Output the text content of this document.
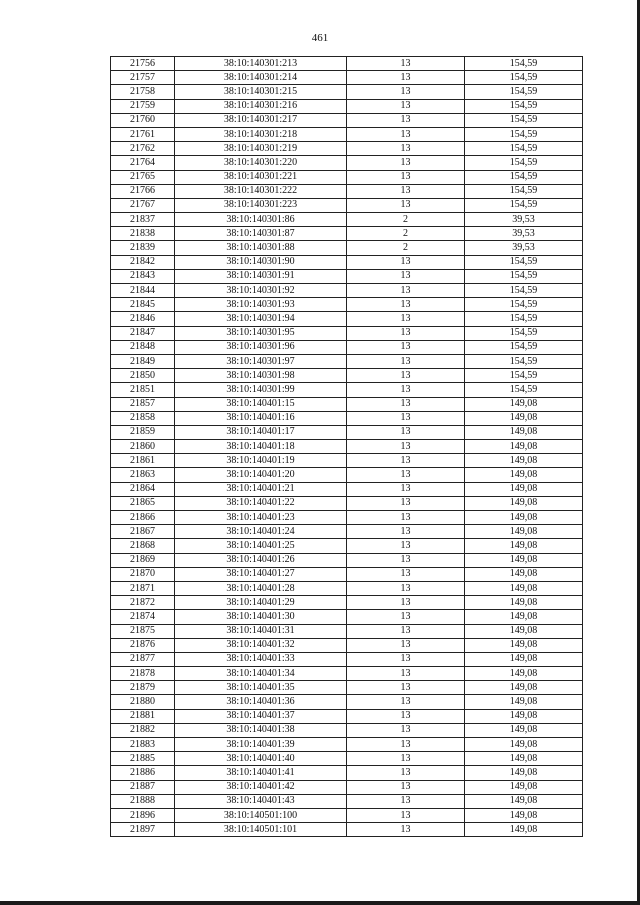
461
21756	38:10:140301:213	13	154,59
21757	38:10:140301:214	13	154,59
21758	38:10:140301:215	13	154,59
21759	38:10:140301:216	13	154,59
21760	38:10:140301:217	13	154,59
21761	38:10:140301:218	13	154,59
21762	38:10:140301:219	13	154,59
21764	38:10:140301:220	13	154,59
21765	38:10:140301:221	13	154,59
21766	38:10:140301:222	13	154,59
21767	38:10:140301:223	13	154,59
21837	38:10:140301:86	2	39,53
21838	38:10:140301:87	2	39,53
21839	38:10:140301:88	2	39,53
21842	38:10:140301:90	13	154,59
21843	38:10:140301:91	13	154,59
21844	38:10:140301:92	13	154,59
21845	38:10:140301:93	13	154,59
21846	38:10:140301:94	13	154,59
21847	38:10:140301:95	13	154,59
21848	38:10:140301:96	13	154,59
21849	38:10:140301:97	13	154,59
21850	38:10:140301:98	13	154,59
21851	38:10:140301:99	13	154,59
21857	38:10:140401:15	13	149,08
21858	38:10:140401:16	13	149,08
21859	38:10:140401:17	13	149,08
21860	38:10:140401:18	13	149,08
21861	38:10:140401:19	13	149,08
21863	38:10:140401:20	13	149,08
21864	38:10:140401:21	13	149,08
21865	38:10:140401:22	13	149,08
21866	38:10:140401:23	13	149,08
21867	38:10:140401:24	13	149,08
21868	38:10:140401:25	13	149,08
21869	38:10:140401:26	13	149,08
21870	38:10:140401:27	13	149,08
21871	38:10:140401:28	13	149,08
21872	38:10:140401:29	13	149,08
21874	38:10:140401:30	13	149,08
21875	38:10:140401:31	13	149,08
21876	38:10:140401:32	13	149,08
21877	38:10:140401:33	13	149,08
21878	38:10:140401:34	13	149,08
21879	38:10:140401:35	13	149,08
21880	38:10:140401:36	13	149,08
21881	38:10:140401:37	13	149,08
21882	38:10:140401:38	13	149,08
21883	38:10:140401:39	13	149,08
21885	38:10:140401:40	13	149,08
21886	38:10:140401:41	13	149,08
21887	38:10:140401:42	13	149,08
21888	38:10:140401:43	13	149,08
21896	38:10:140501:100	13	149,08
21897	38:10:140501:101	13	149,08
